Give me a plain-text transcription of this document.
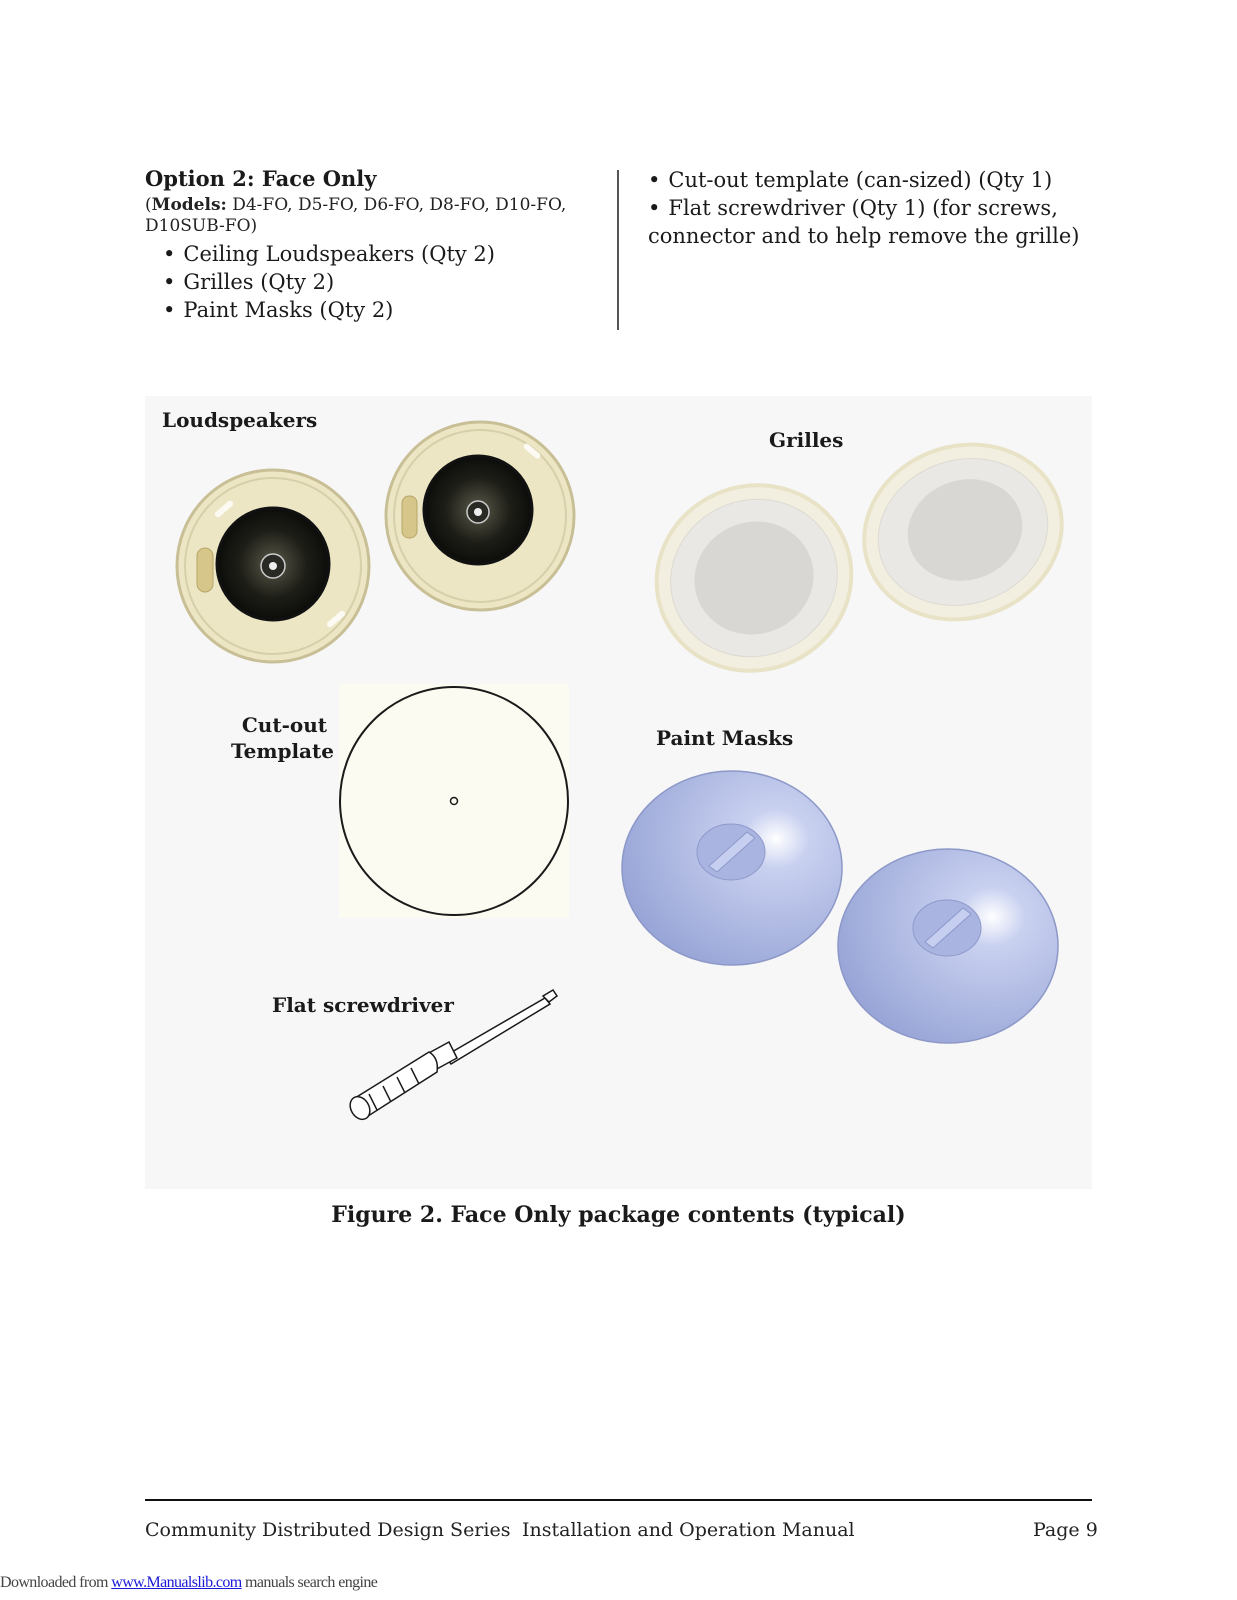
Option 2: Face Only
(Models: D4-FO, D5-FO, D6-FO, D8-FO, D10-FO, D10SUB-FO)
• Ceiling Loudspeakers (Qty 2)
• Grilles (Qty 2)
• Paint Masks (Qty 2)
• Cut-out template (can-sized) (Qty 1)
• Flat screwdriver (Qty 1) (for screws, connector and to help remove the grille)
Loudspeakers
Grilles
Cut-out
Template
Paint Masks
Flat screwdriver
Figure 2. Face Only package contents (typical)
Community Distributed Design Series Installation and Operation Manual	Page 9
Downloaded from www.Manualslib.com manuals search engine
